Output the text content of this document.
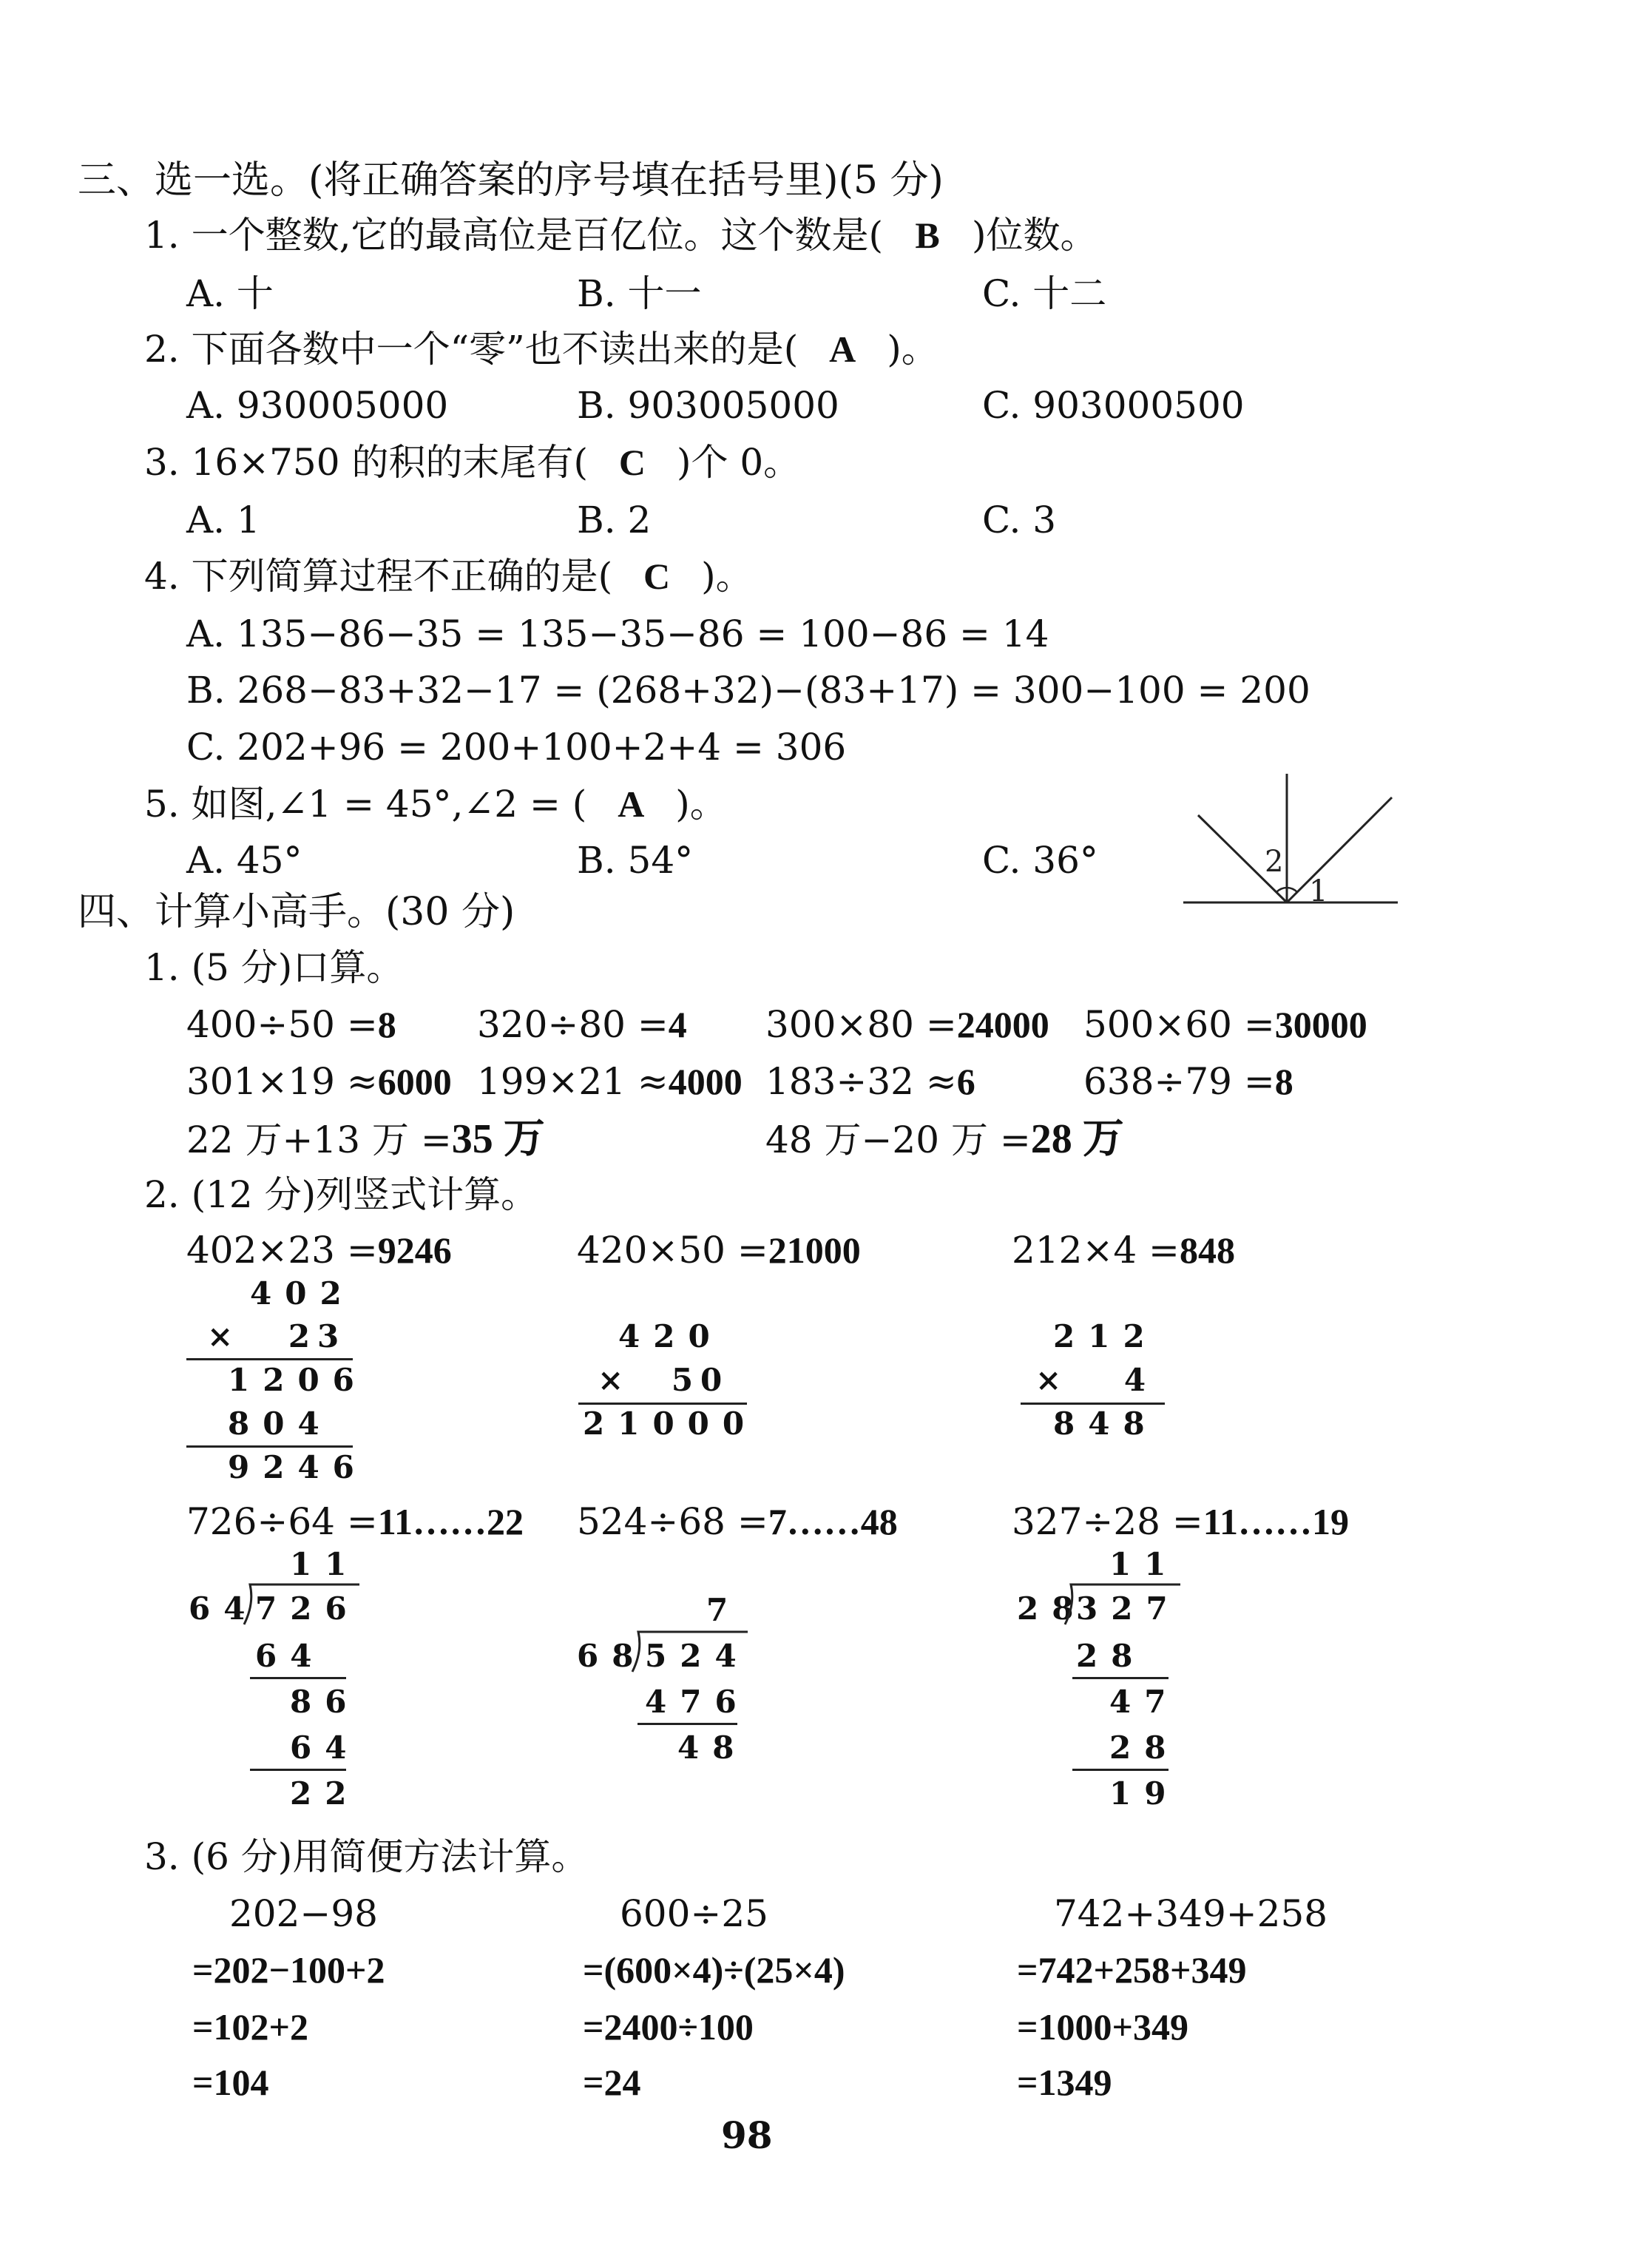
三、选一选。(将正确答案的序号填在括号里)(5 分)
1. 一个整数,它的最高位是百亿位。这个数是( B )位数。
A. 十	B. 十一	C. 十二
2. 下面各数中一个“零”也不读出来的是( A )。
A. 930005000	B. 903005000	C. 903000500
3. 16×750 的积的末尾有( C )个 0。
A. 1	B. 2	C. 3
4. 下列简算过程不正确的是( C )。
A. 135−86−35 = 135−35−86 = 100−86 = 14
B. 268−83+32−17 = (268+32)−(83+17) = 300−100 = 200
C. 202+96 = 200+100+2+4 = 306
5. 如图,∠1 = 45°,∠2 = ( A )。
A. 45°	B. 54°	C. 36°	2
1
四、计算小高手。(30 分)
1. (5 分)口算。
400÷50 =8 320÷80 =4 300×80 =24000 500×60 =30000
301×19 ≈6000 199×21 ≈4000 183÷32 ≈6	638÷79 =8
22 万+13 万 =35 万	48 万−20 万 =28 万
2. (12 分)列竖式计算。
402×23 =9246	420×50 =21000	212×4 =848
402
× 23
1206
804
9246
420
× 50
21000
212
× 4
848
726÷64 =11……22 524÷68 =7……48	327÷28 =11……19
11
64
726
64
86
64
22
7
68
524
476
48
11
28
327
28
47
28
19
3. (6 分)用简便方法计算。
202−98
=202−100+2
=102+2
=104
600÷25
=(600×4)÷(25×4)
=2400÷100
=24
742+349+258
=742+258+349
=1000+349
=1349
98
